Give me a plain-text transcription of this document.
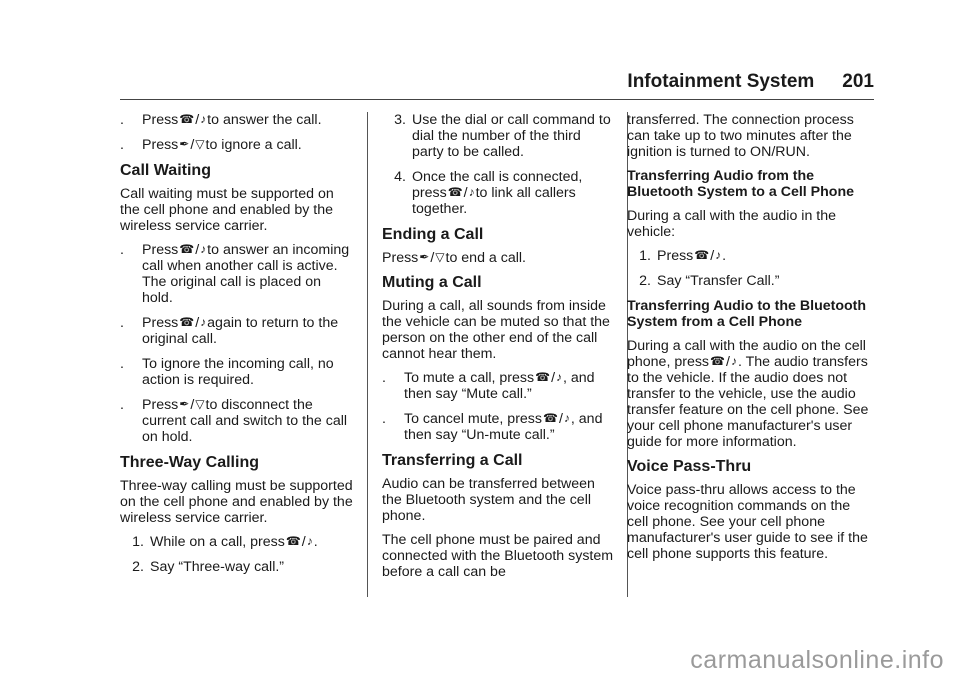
Infotainment System 201
.	Press☎/♪to answer the call.
.	Press✒/▽to ignore a call.
Call Waiting

Call waiting must be supported on the cell phone and enabled by the wireless service carrier.

.	Press☎/♪to answer an incoming call when another call is active. The original call is placed on hold.
.	Press☎/♪again to return to the original call.
.	To ignore the incoming call, no action is required.
.	Press✒/▽to disconnect the current call and switch to the call on hold.
Three-Way Calling

Three-way calling must be supported on the cell phone and enabled by the wireless service carrier.

1. While on a call, press☎/♪.
2. Say “Three-way call.”
3. Use the dial or call command to dial the number of the third party to be called.
4. Once the call is connected, press☎/♪to link all callers together.
Ending a Call

Press✒/▽to end a call.

Muting a Call

During a call, all sounds from inside the vehicle can be muted so that the person on the other end of the call cannot hear them.

.	To mute a call, press☎/♪, and then say “Mute call.”
.	To cancel mute, press☎/♪, and then say “Un-mute call.”
Transferring a Call

Audio can be transferred between the Bluetooth system and the cell phone.

The cell phone must be paired and connected with the Bluetooth system before a call can be

transferred. The connection process can take up to two minutes after the ignition is turned to ON/RUN.

Transferring Audio from the Bluetooth System to a Cell Phone

During a call with the audio in the vehicle:

1. Press☎/♪.
2. Say “Transfer Call.”
Transferring Audio to the Bluetooth System from a Cell Phone

During a call with the audio on the cell phone, press☎/♪. The audio transfers to the vehicle. If the audio does not transfer to the vehicle, use the audio transfer feature on the cell phone. See your cell phone manufacturer's user guide for more information.

Voice Pass-Thru

Voice pass-thru allows access to the voice recognition commands on the cell phone. See your cell phone manufacturer's user guide to see if the cell phone supports this feature.

carmanualsonline.info
